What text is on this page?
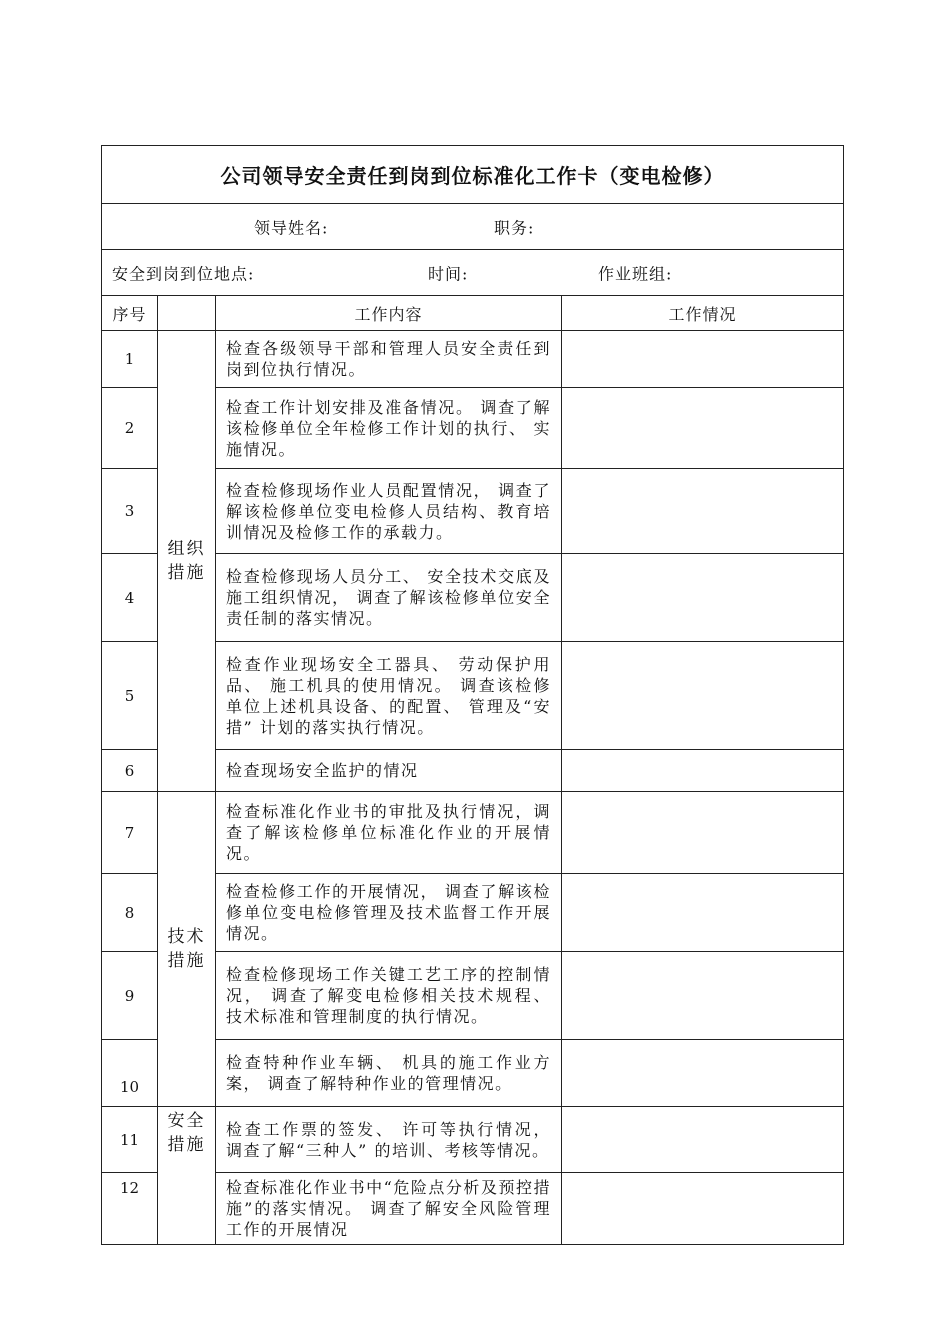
公司领导安全责任到岗到位标准化工作卡（变电检修）			

领导姓名: 职务:			

安全到岗到位地点: 时间: 作业班组:			

序号		工作内容	工作情况
1	组织措施	检查各级领导干部和管理人员安全责任到岗到位执行情况。	
2		检查工作计划安排及准备情况。 调查了解该检修单位全年检修工作计划的执行、 实施情况。	
3		检查检修现场作业人员配置情况， 调查了解该检修单位变电检修人员结构、教育培训情况及检修工作的承载力。	
4		检查检修现场人员分工、 安全技术交底及施工组织情况， 调查了解该检修单位安全责任制的落实情况。	
5		检查作业现场安全工器具、 劳动保护用品、 施工机具的使用情况。 调查该检修单位上述机具设备、的配置、 管理及“安措” 计划的落实执行情况。	
6		检查现场安全监护的情况	
7	技术措施	检查标准化作业书的审批及执行情况，调查了解该检修单位标准化作业的开展情况。	
8		检查检修工作的开展情况， 调查了解该检修单位变电检修管理及技术监督工作开展情况。	
9		检查检修现场工作关键工艺工序的控制情况， 调查了解变电检修相关技术规程、 技术标准和管理制度的执行情况。	
10		检查特种作业车辆、 机具的施工作业方案， 调查了解特种作业的管理情况。	
11	安全措施	检查工作票的签发、 许可等执行情况， 调查了解“三种人” 的培训、考核等情况。	
12		检查标准化作业书中“危险点分析及预控措施”的落实情况。 调查了解安全风险管理工作的开展情况	
